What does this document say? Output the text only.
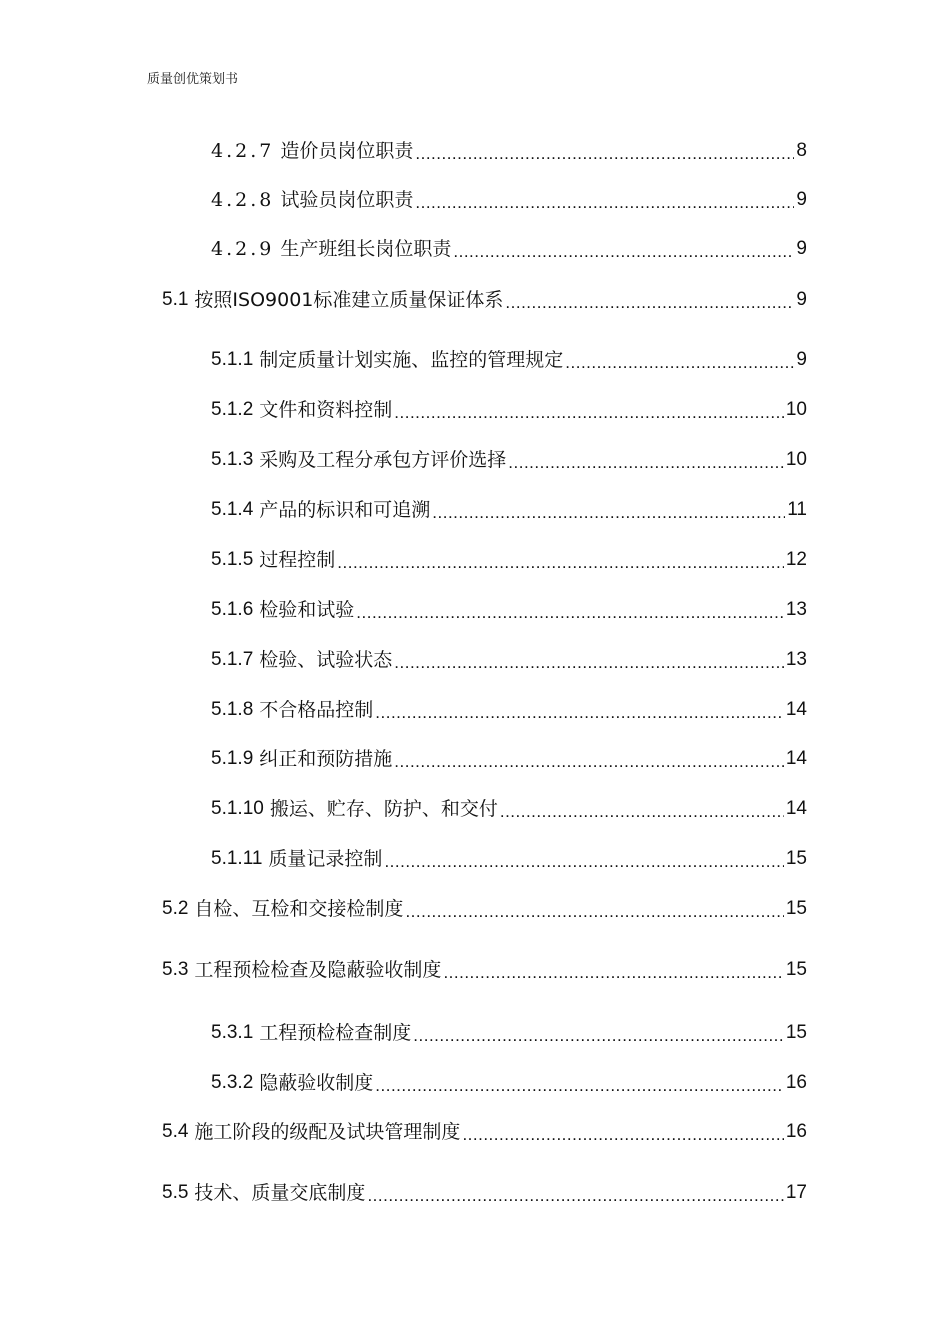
质量创优策划书
4.2.7 造价员岗位职责 .....	8
4.2.8 试验员岗位职责 .....	9
4.2.9 生产班组长岗位职责 .....	9
5.1 按照ISO9001标准建立质量保证体系 .....	9
5.1.1 制定质量计划实施、监控的管理规定 .....	9
5.1.2 文件和资料控制 .....	10
5.1.3 采购及工程分承包方评价选择 .....	10
5.1.4 产品的标识和可追溯 .....	11
5.1.5 过程控制 .....	12
5.1.6 检验和试验 .....	13
5.1.7 检验、试验状态 .....	13
5.1.8 不合格品控制 .....	14
5.1.9 纠正和预防措施 .....	14
5.1.10 搬运、贮存、防护、和交付 .....	14
5.1.11 质量记录控制 .....	15
5.2 自检、互检和交接检制度 .....	15
5.3 工程预检检查及隐蔽验收制度 .....	15
5.3.1 工程预检检查制度 .....	15
5.3.2 隐蔽验收制度 .....	16
5.4 施工阶段的级配及试块管理制度 .....	16
5.5 技术、质量交底制度 .....	17
